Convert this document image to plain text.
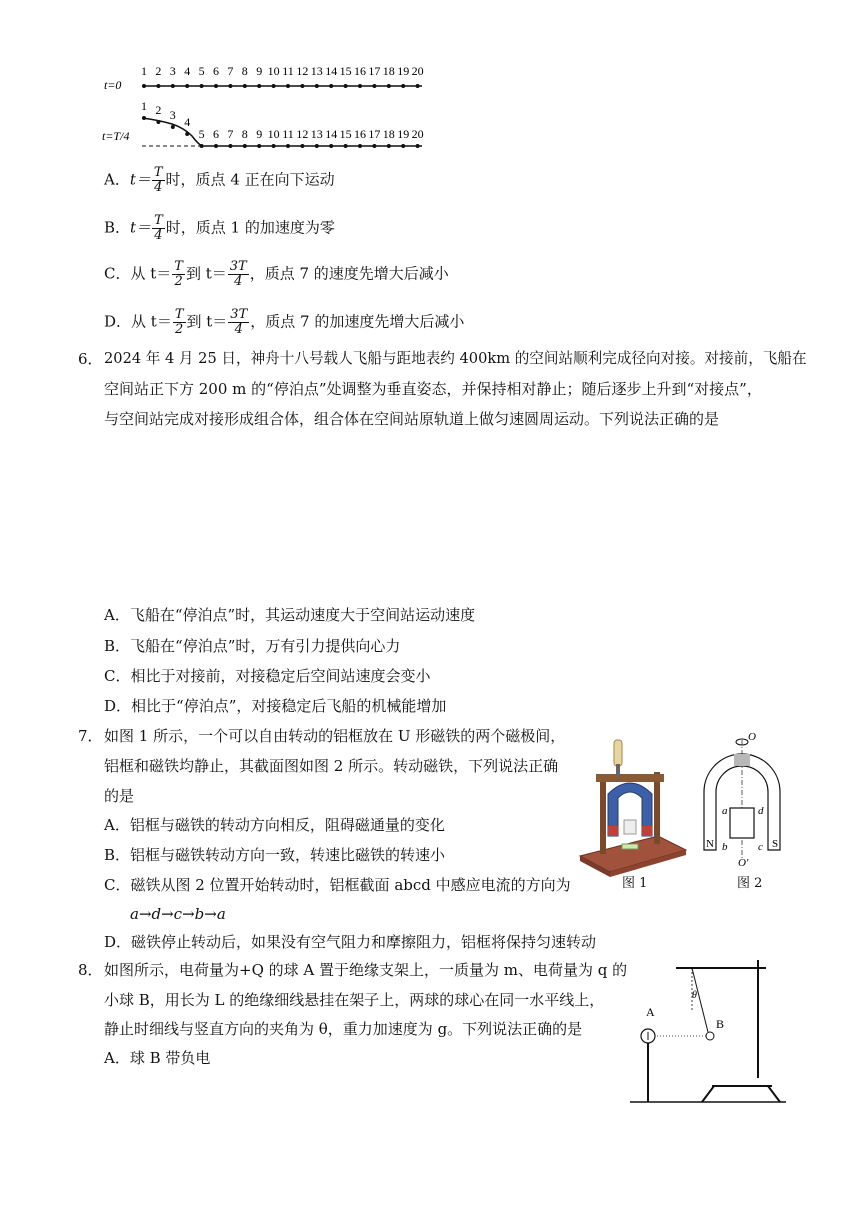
t=0
1 2 3 4 5 6 7 8 9 10 11 12 13 14 15 16 17 18 19 20
t=T/4
1 2 3 4
5 6 7 8 9 10 11 12 13 14 15 16 17 18 19 20
A．$t= \frac{T}{4}$ 时，质点 4 正在向下运动
B．$t= \frac{T}{4}$ 时，质点 1 的加速度为零
C．从 $t= \frac{T}{2}$ 到 $t= \frac{3T}{4}$ ，质点 7 的速度先增大后减小
D．从 $t= \frac{T}{2}$ 到 $t= \frac{3T}{4}$ ，质点 7 的加速度先增大后减小
6． 2024 年 4 月 25 日，神舟十八号载人飞船与距地表约 400km 的空间站顺利完成径向对接。对接前，飞船在
空间站正下方 200 m 的“停泊点”处调整为垂直姿态，并保持相对静止；随后逐步上升到“对接点”，
与空间站完成对接形成组合体，组合体在空间站原轨道上做匀速圆周运动。下列说法正确的是
A．飞船在“停泊点”时，其运动速度大于空间站运动速度
B．飞船在“停泊点”时，万有引力提供向心力
C．相比于对接前，对接稳定后空间站速度会变小
D．相比于“停泊点”，对接稳定后飞船的机械能增加
7． 如图 1 所示，一个可以自由转动的铝框放在 U 形磁铁的两个磁极间，
铝框和磁铁均静止，其截面图如图 2 所示。转动磁铁，下列说法正确
的是
A．铝框与磁铁的转动方向相反，阻碍磁通量的变化
B．铝框与磁铁转动方向一致，转速比磁铁的转速小
C．磁铁从图 2 位置开始转动时，铝框截面 abcd 中感应电流的方向为
a→d→c→b→a
D．磁铁停止转动后，如果没有空气阻力和摩擦阻力，铝框将保持匀速转动
图 1
O
a	d
b	c
N	S
O′
图 2
8． 如图所示，电荷量为+Q 的球 A 置于绝缘支架上，一质量为 m、电荷量为 q 的
小球 B，用长为 L 的绝缘细线悬挂在架子上，两球的球心在同一水平线上，
静止时细线与竖直方向的夹角为 θ，重力加速度为 g。下列说法正确的是
A．球 B 带负电
θ
B
A
